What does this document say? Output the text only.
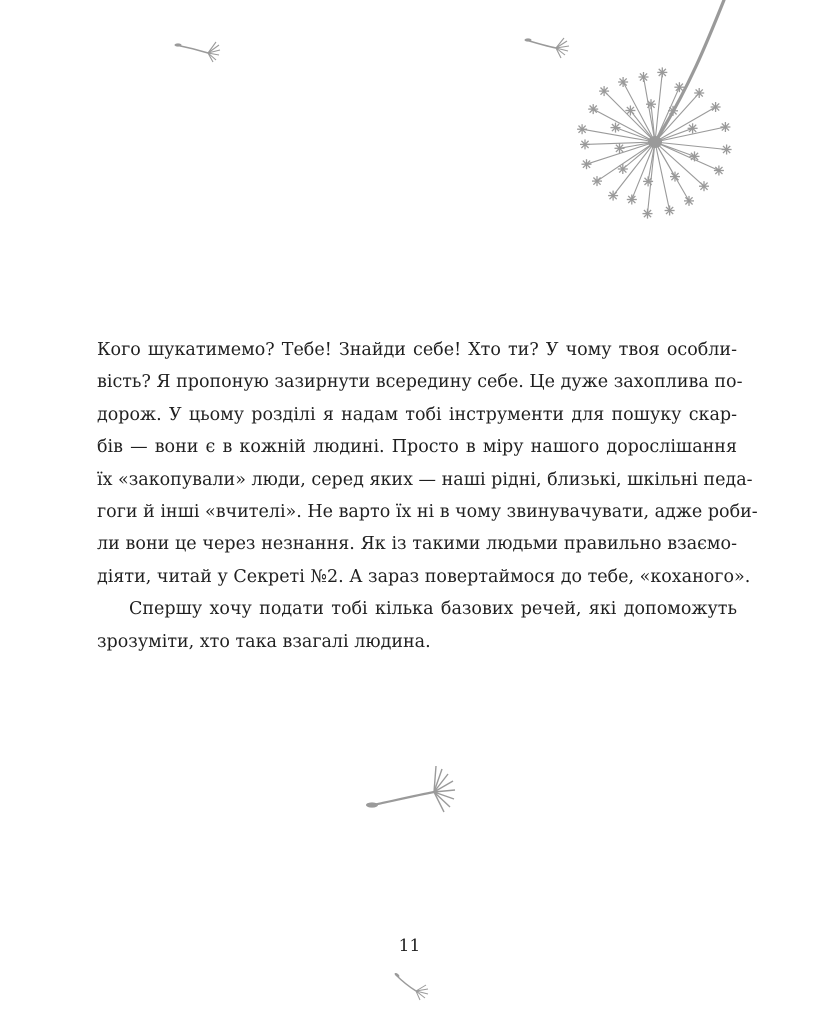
Кого шукатимемо? Тебе! Знайди себе! Хто ти? У чому твоя особли-
вість? Я пропоную зазирнути всередину себе. Це дуже захоплива по-
дорож. У цьому розділі я надам тобі інструменти для пошуку скар-
бів — вони є в кожній людині. Просто в міру нашого дорослішання
їх «закопували» люди, серед яких — наші рідні, близькі, шкільні педа-
гоги й інші «вчителі». Не варто їх ні в чому звинувачувати, адже роби-
ли вони це через незнання. Як із такими людьми правильно взаємо-
діяти, читай у Секреті №2. А зараз повертаймося до тебе, «коханого».
Спершу хочу подати тобі кілька базових речей, які допоможуть
зрозуміти, хто така взагалі людина.
11
